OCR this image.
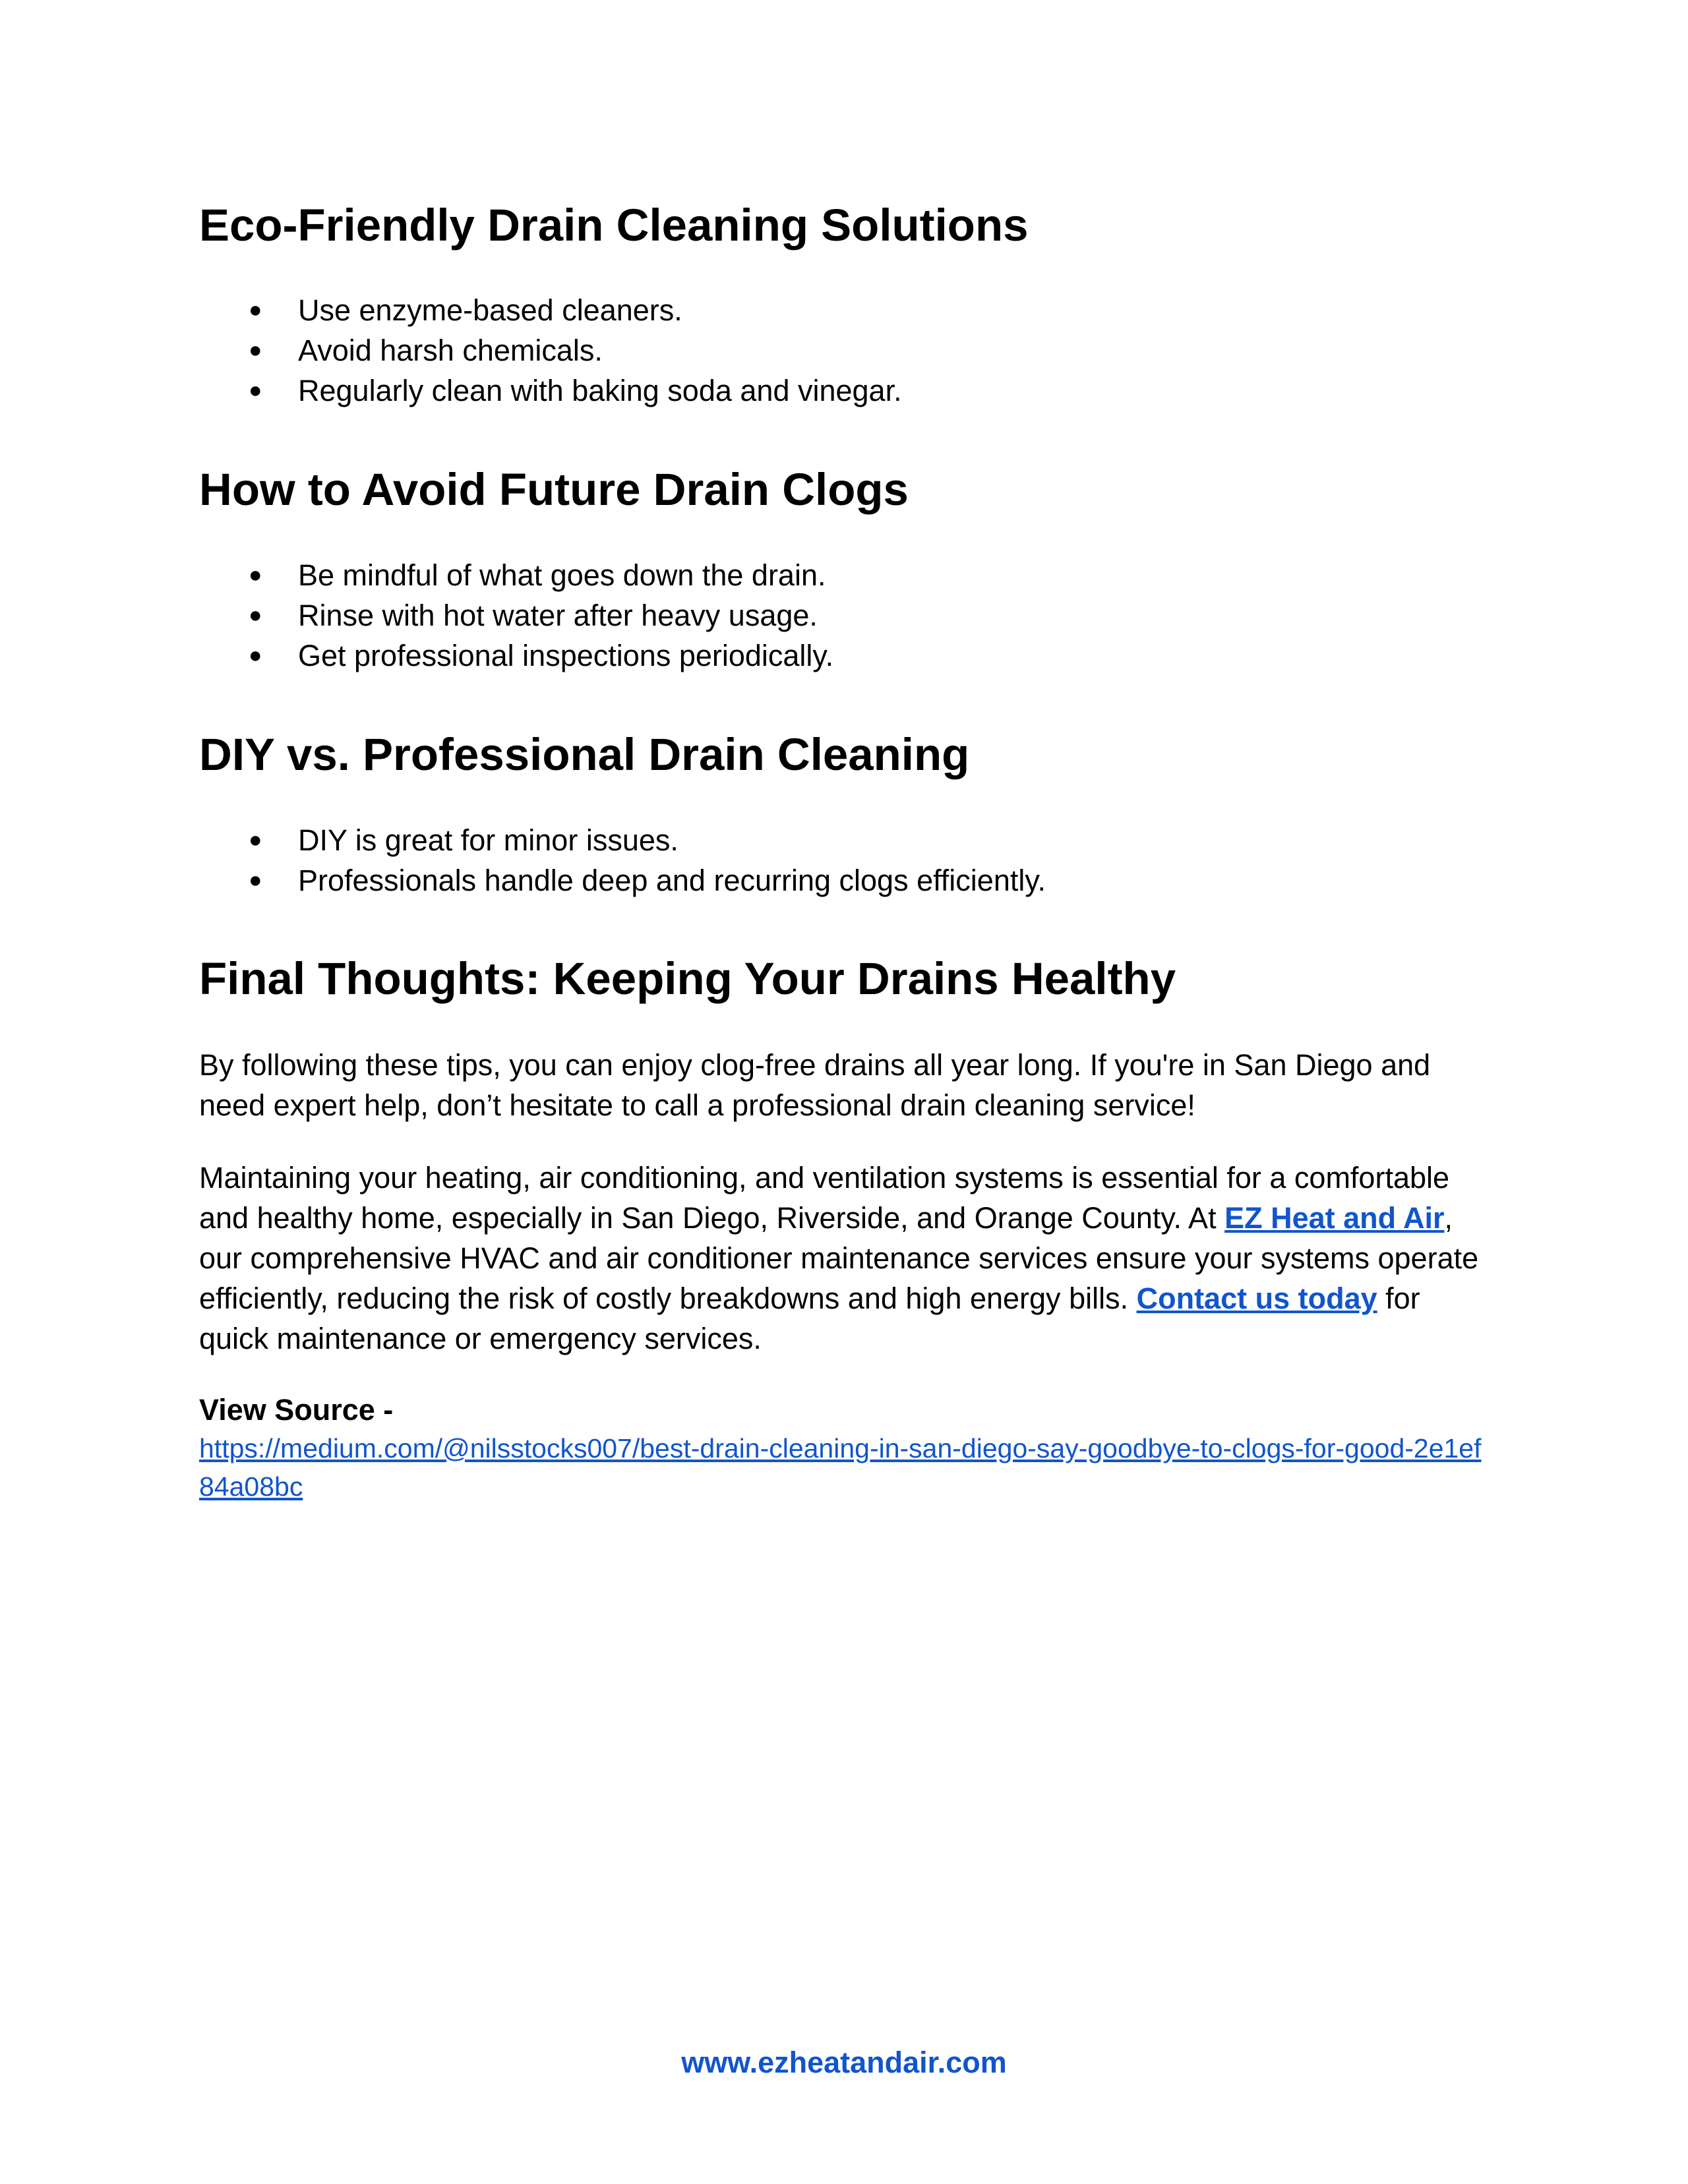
Eco-Friendly Drain Cleaning Solutions
● Use enzyme-based cleaners.
● Avoid harsh chemicals.
● Regularly clean with baking soda and vinegar.
How to Avoid Future Drain Clogs
● Be mindful of what goes down the drain.
● Rinse with hot water after heavy usage.
● Get professional inspections periodically.
DIY vs. Professional Drain Cleaning
● DIY is great for minor issues.
● Professionals handle deep and recurring clogs efficiently.
Final Thoughts: Keeping Your Drains Healthy

By following these tips, you can enjoy clog-free drains all year long. If you're in San Diego and need expert help, don’t hesitate to call a professional drain cleaning service!

Maintaining your heating, air conditioning, and ventilation systems is essential for a comfortable and healthy home, especially in San Diego, Riverside, and Orange County. At EZ Heat and Air, our comprehensive HVAC and air conditioner maintenance services ensure your systems operate efficiently, reducing the risk of costly breakdowns and high energy bills. Contact us today for quick maintenance or emergency services.

View Source -
https://medium.com/@nilsstocks007/best-drain-cleaning-in-san-diego-say-goodbye-to-clogs-for-good-2e1ef84a08bc
www.ezheatandair.com
